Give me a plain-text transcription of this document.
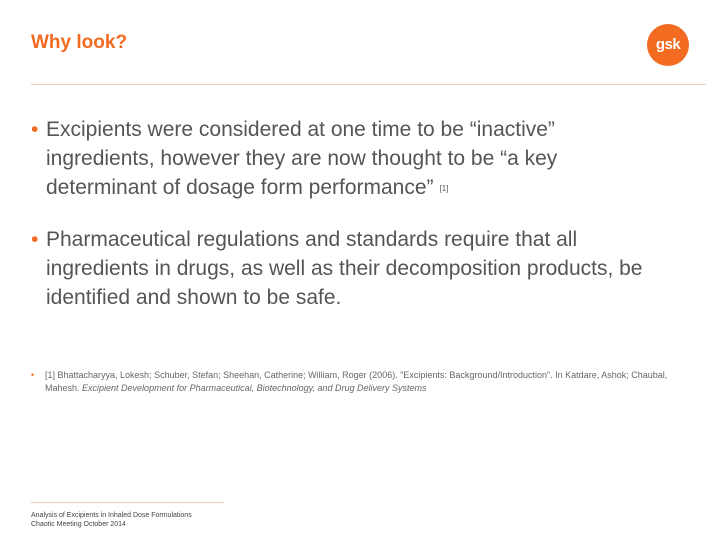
Why look?	gsk
• Excipients were considered at one time to be “inactive” ingredients, however they are now thought to be “a key determinant of dosage form performance” [1]
• Pharmaceutical regulations and standards require that all ingredients in drugs, as well as their decomposition products, be identified and shown to be safe.
•	[1] Bhattacharyya, Lokesh; Schuber, Stefan; Sheehan, Catherine; William, Roger (2006). "Excipients: Background/Introduction". In Katdare, Ashok; Chaubal, Mahesh. Excipient Development for Pharmaceutical, Biotechnology, and Drug Delivery Systems
Analysis of Excipients in Inhaled Dose Formulations
Chaotic Meeting October 2014
